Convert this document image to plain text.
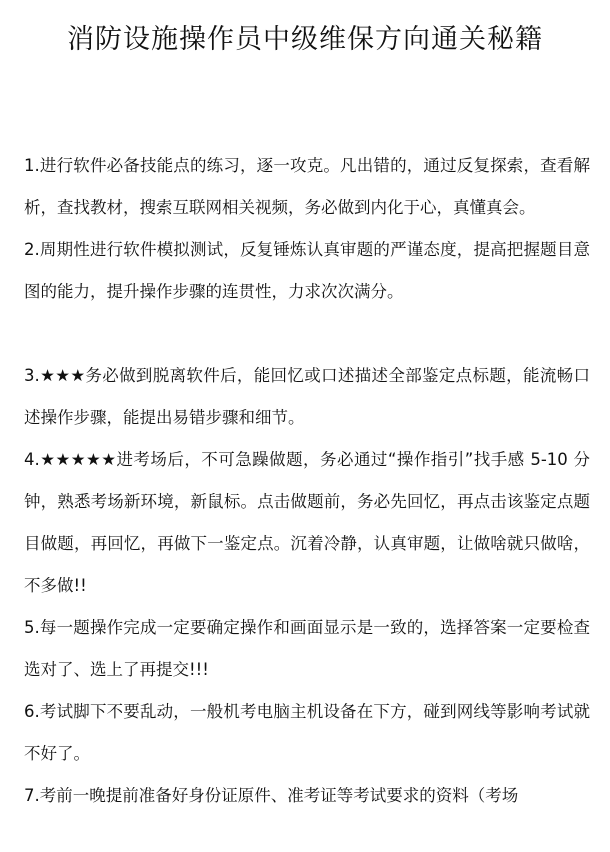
消防设施操作员中级维保方向通关秘籍

1.进行软件必备技能点的练习，逐一攻克。凡出错的，通过反复探索，查看解析，查找教材，搜索互联网相关视频，务必做到内化于心，真懂真会。

2.周期性进行软件模拟测试，反复锤炼认真审题的严谨态度，提高把握题目意图的能力，提升操作步骤的连贯性，力求次次满分。

3.★★★务必做到脱离软件后，能回忆或口述描述全部鉴定点标题，能流畅口述操作步骤，能提出易错步骤和细节。

4.★★★★★进考场后，不可急躁做题，务必通过“操作指引”找手感 5-10 分钟，熟悉考场新环境，新鼠标。点击做题前，务必先回忆，再点击该鉴定点题目做题，再回忆，再做下一鉴定点。沉着冷静，认真审题，让做啥就只做啥，不多做!!

5.每一题操作完成一定要确定操作和画面显示是一致的，选择答案一定要检查选对了、选上了再提交!!!

6.考试脚下不要乱动，一般机考电脑主机设备在下方，碰到网线等影响考试就不好了。

7.考前一晚提前准备好身份证原件、准考证等考试要求的资料（考场
